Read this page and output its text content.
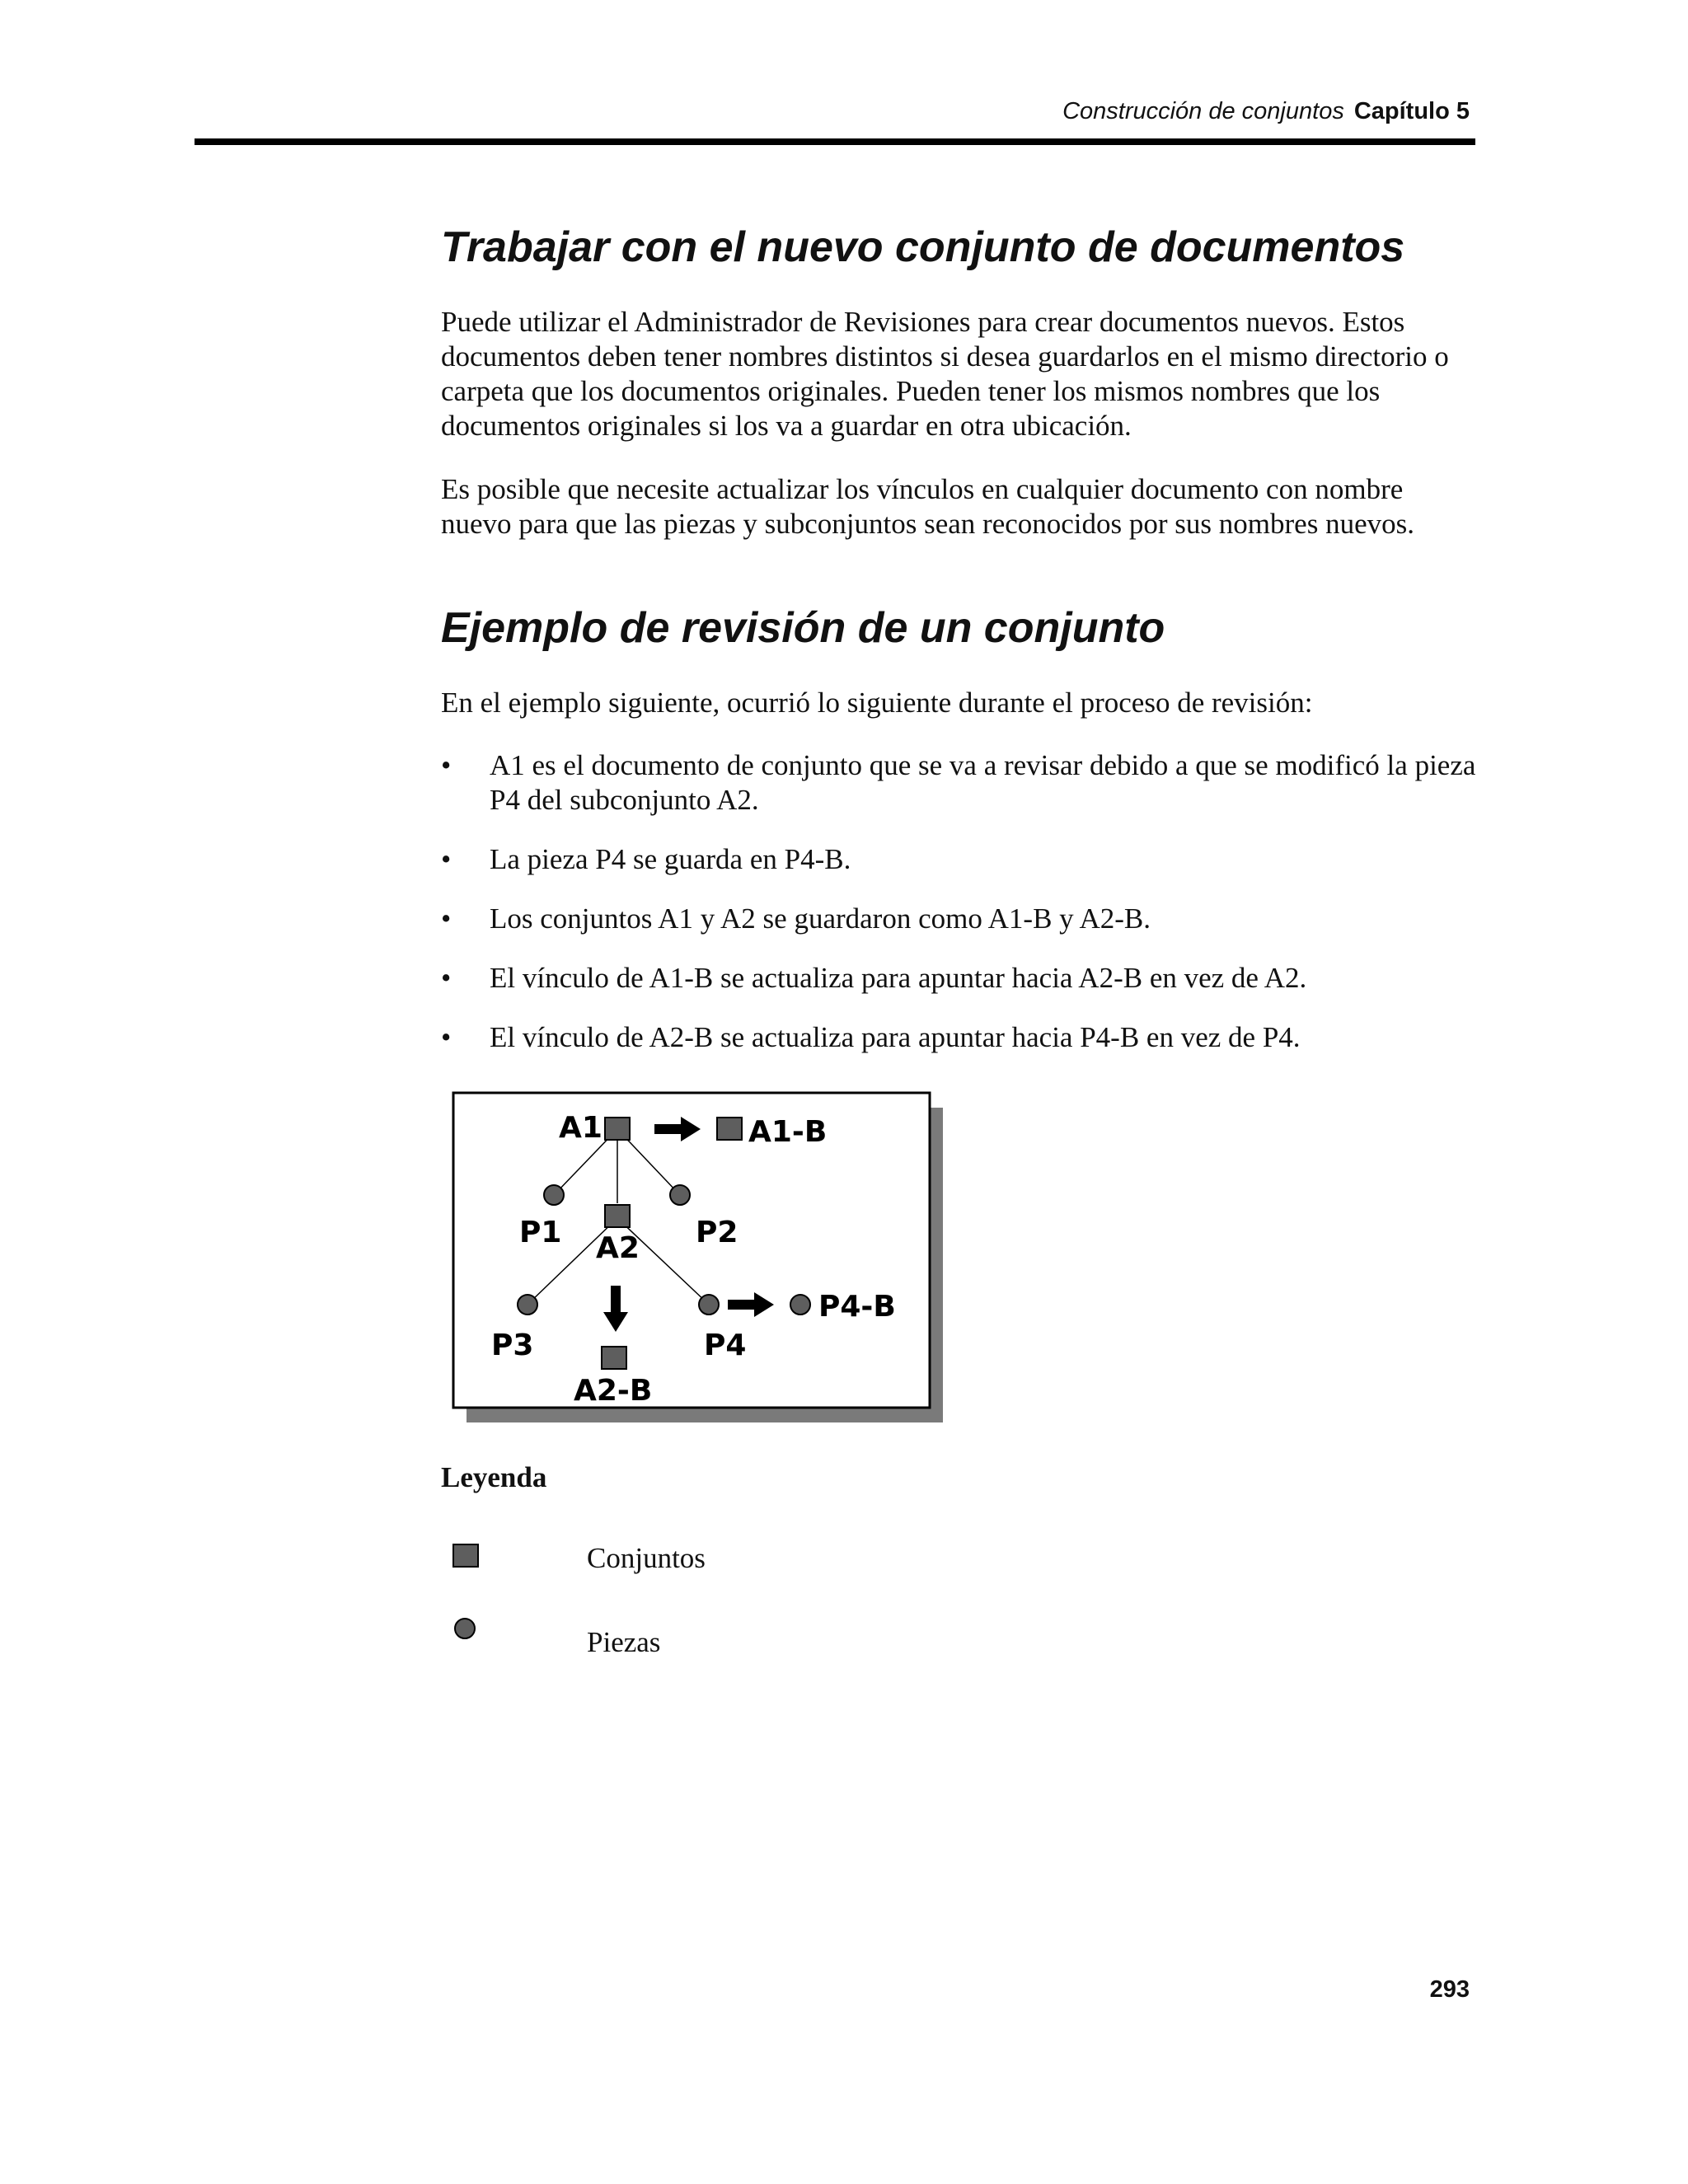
Construcción de conjuntos Capítulo 5
Trabajar con el nuevo conjunto de documentos

Puede utilizar el Administrador de Revisiones para crear documentos nuevos. Estos documentos deben tener nombres distintos si desea guardarlos en el mismo directorio o carpeta que los documentos originales. Pueden tener los mismos nombres que los documentos originales si los va a guardar en otra ubicación.

Es posible que necesite actualizar los vínculos en cualquier documento con nombre nuevo para que las piezas y subconjuntos sean reconocidos por sus nombres nuevos.

Ejemplo de revisión de un conjunto

En el ejemplo siguiente, ocurrió lo siguiente durante el proceso de revisión:

• A1 es el documento de conjunto que se va a revisar debido a que se modificó la pieza P4 del subconjunto A2.
• La pieza P4 se guarda en P4-B.
• Los conjuntos A1 y A2 se guardaron como A1-B y A2-B.
• El vínculo de A1-B se actualiza para apuntar hacia A2-B en vez de A2.
• El vínculo de A2-B se actualiza para apuntar hacia P4-B en vez de P4.
A1	A1-B
P1	P2
A2
P3	P4
P4-B
A2-B
Leyenda
Conjuntos
Piezas
293
